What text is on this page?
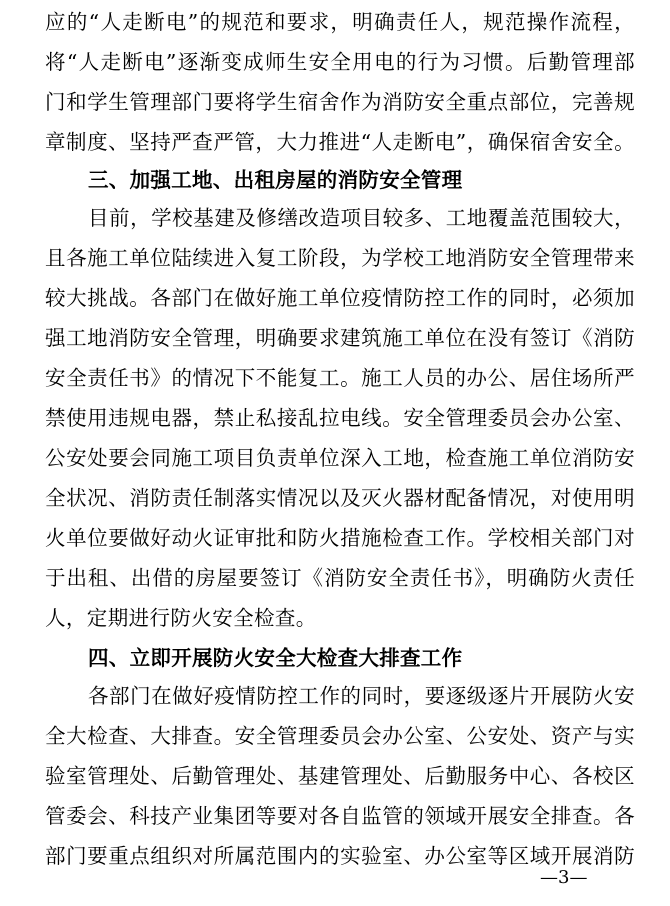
应的“人走断电”的规范和要求，明确责任人，规范操作流程，
将“人走断电”逐渐变成师生安全用电的行为习惯。后勤管理部
门和学生管理部门要将学生宿舍作为消防安全重点部位，完善规
章制度、坚持严查严管，大力推进“人走断电”，确保宿舍安全。
三、加强工地、出租房屋的消防安全管理
目前，学校基建及修缮改造项目较多、工地覆盖范围较大，
且各施工单位陆续进入复工阶段，为学校工地消防安全管理带来
较大挑战。各部门在做好施工单位疫情防控工作的同时，必须加
强工地消防安全管理，明确要求建筑施工单位在没有签订《消防
安全责任书》的情况下不能复工。施工人员的办公、居住场所严
禁使用违规电器，禁止私接乱拉电线。安全管理委员会办公室、
公安处要会同施工项目负责单位深入工地，检查施工单位消防安
全状况、消防责任制落实情况以及灭火器材配备情况，对使用明
火单位要做好动火证审批和防火措施检查工作。学校相关部门对
于出租、出借的房屋要签订《消防安全责任书》，明确防火责任
人，定期进行防火安全检查。
四、立即开展防火安全大检查大排查工作
各部门在做好疫情防控工作的同时，要逐级逐片开展防火安
全大检查、大排查。安全管理委员会办公室、公安处、资产与实
验室管理处、后勤管理处、基建管理处、后勤服务中心、各校区
管委会、科技产业集团等要对各自监管的领域开展安全排查。各
部门要重点组织对所属范围内的实验室、办公室等区域开展消防
—3—
